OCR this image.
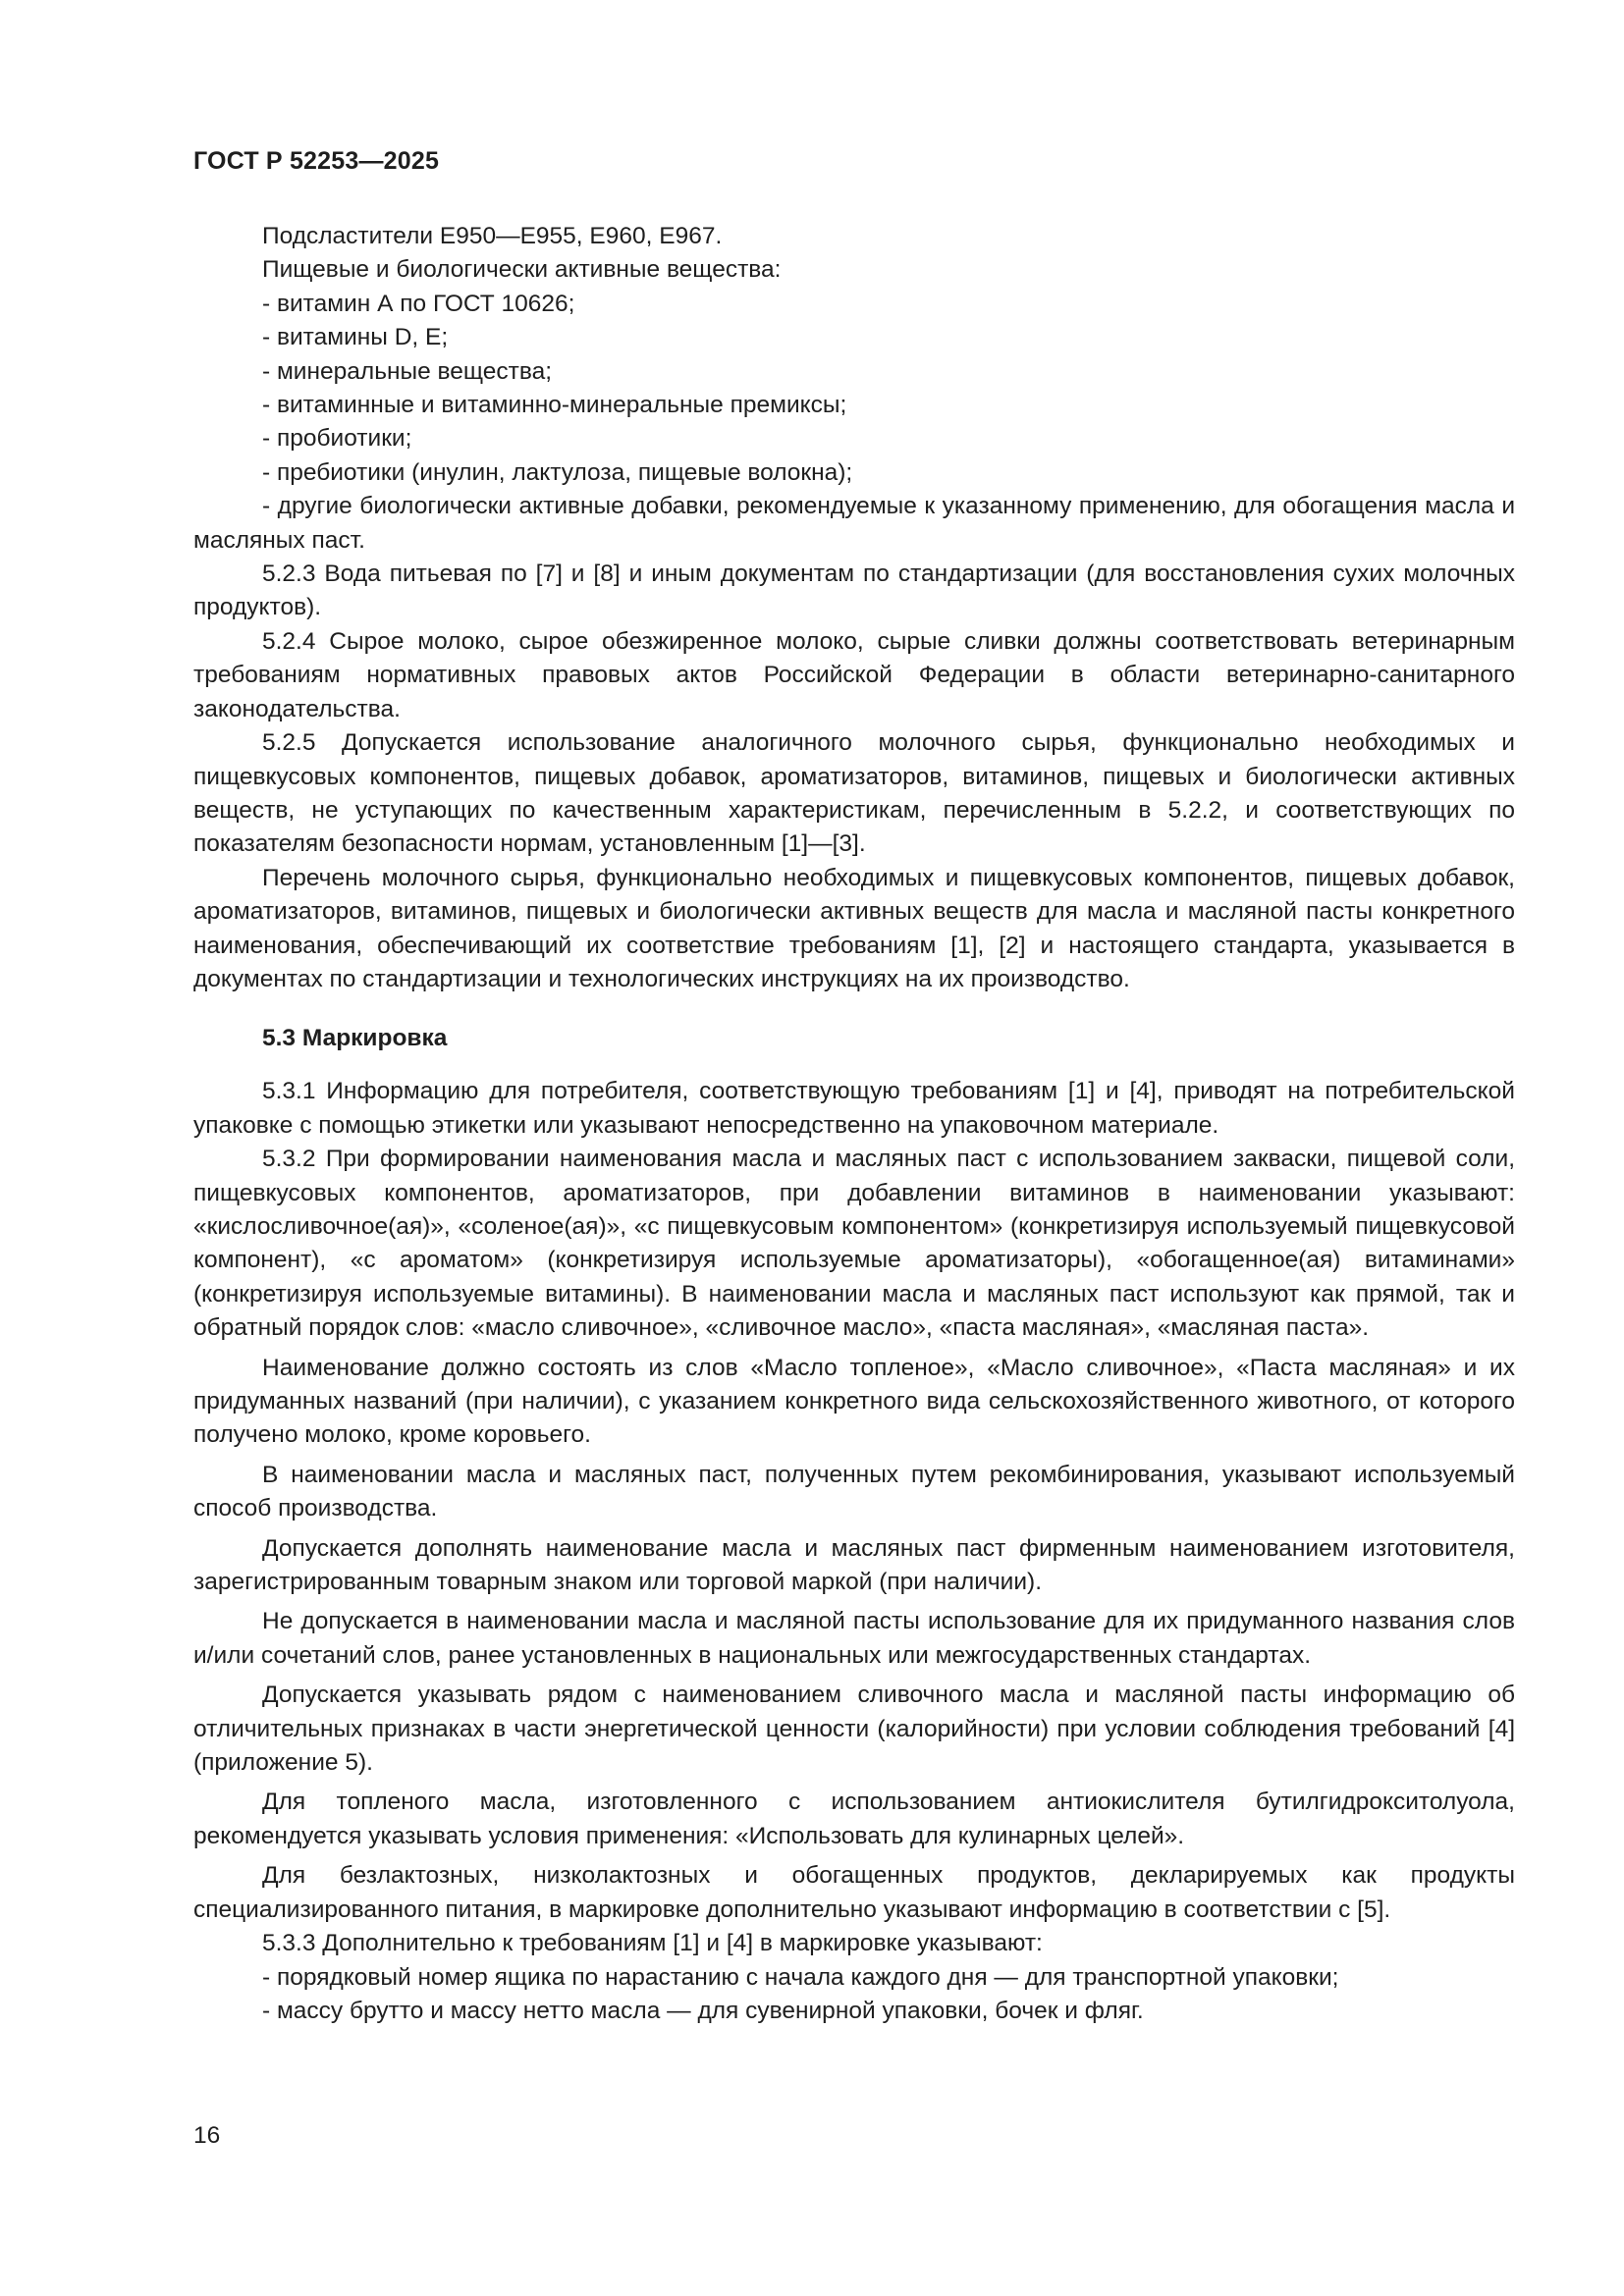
ГОСТ Р 52253—2025

Подсластители E950—E955, E960, E967.

Пищевые и биологически активные вещества:

- витамин А по ГОСТ 10626;

- витамины D, E;

- минеральные вещества;

- витаминные и витаминно-минеральные премиксы;

- пробиотики;

- пребиотики (инулин, лактулоза, пищевые волокна);

- другие биологически активные добавки, рекомендуемые к указанному применению, для обогащения масла и масляных паст.

5.2.3 Вода питьевая по [7] и [8] и иным документам по стандартизации (для восстановления сухих молочных продуктов).

5.2.4 Сырое молоко, сырое обезжиренное молоко, сырые сливки должны соответствовать ветеринарным требованиям нормативных правовых актов Российской Федерации в области ветеринарно-санитарного законодательства.

5.2.5 Допускается использование аналогичного молочного сырья, функционально необходимых и пищевкусовых компонентов, пищевых добавок, ароматизаторов, витаминов, пищевых и биологически активных веществ, не уступающих по качественным характеристикам, перечисленным в 5.2.2, и соответствующих по показателям безопасности нормам, установленным [1]—[3].

Перечень молочного сырья, функционально необходимых и пищевкусовых компонентов, пищевых добавок, ароматизаторов, витаминов, пищевых и биологически активных веществ для масла и масляной пасты конкретного наименования, обеспечивающий их соответствие требованиям [1], [2] и настоящего стандарта, указывается в документах по стандартизации и технологических инструкциях на их производство.

5.3 Маркировка

5.3.1 Информацию для потребителя, соответствующую требованиям [1] и [4], приводят на потребительской упаковке с помощью этикетки или указывают непосредственно на упаковочном материале.

5.3.2 При формировании наименования масла и масляных паст с использованием закваски, пищевой соли, пищевкусовых компонентов, ароматизаторов, при добавлении витаминов в наименовании указывают: «кислосливочное(ая)», «соленое(ая)», «с пищевкусовым компонентом» (конкретизируя используемый пищевкусовой компонент), «с ароматом» (конкретизируя используемые ароматизаторы), «обогащенное(ая) витаминами» (конкретизируя используемые витамины). В наименовании масла и масляных паст используют как прямой, так и обратный порядок слов: «масло сливочное», «сливочное масло», «паста масляная», «масляная паста».

Наименование должно состоять из слов «Масло топленое», «Масло сливочное», «Паста масляная» и их придуманных названий (при наличии), с указанием конкретного вида сельскохозяйственного животного, от которого получено молоко, кроме коровьего.

В наименовании масла и масляных паст, полученных путем рекомбинирования, указывают используемый способ производства.

Допускается дополнять наименование масла и масляных паст фирменным наименованием изготовителя, зарегистрированным товарным знаком или торговой маркой (при наличии).

Не допускается в наименовании масла и масляной пасты использование для их придуманного названия слов и/или сочетаний слов, ранее установленных в национальных или межгосударственных стандартах.

Допускается указывать рядом с наименованием сливочного масла и масляной пасты информацию об отличительных признаках в части энергетической ценности (калорийности) при условии соблюдения требований [4] (приложение 5).

Для топленого масла, изготовленного с использованием антиокислителя бутилгидрокситолуола, рекомендуется указывать условия применения: «Использовать для кулинарных целей».

Для безлактозных, низколактозных и обогащенных продуктов, декларируемых как продукты специализированного питания, в маркировке дополнительно указывают информацию в соответствии с [5].

5.3.3 Дополнительно к требованиям [1] и [4] в маркировке указывают:

- порядковый номер ящика по нарастанию с начала каждого дня — для транспортной упаковки;

- массу брутто и массу нетто масла — для сувенирной упаковки, бочек и фляг.

16
